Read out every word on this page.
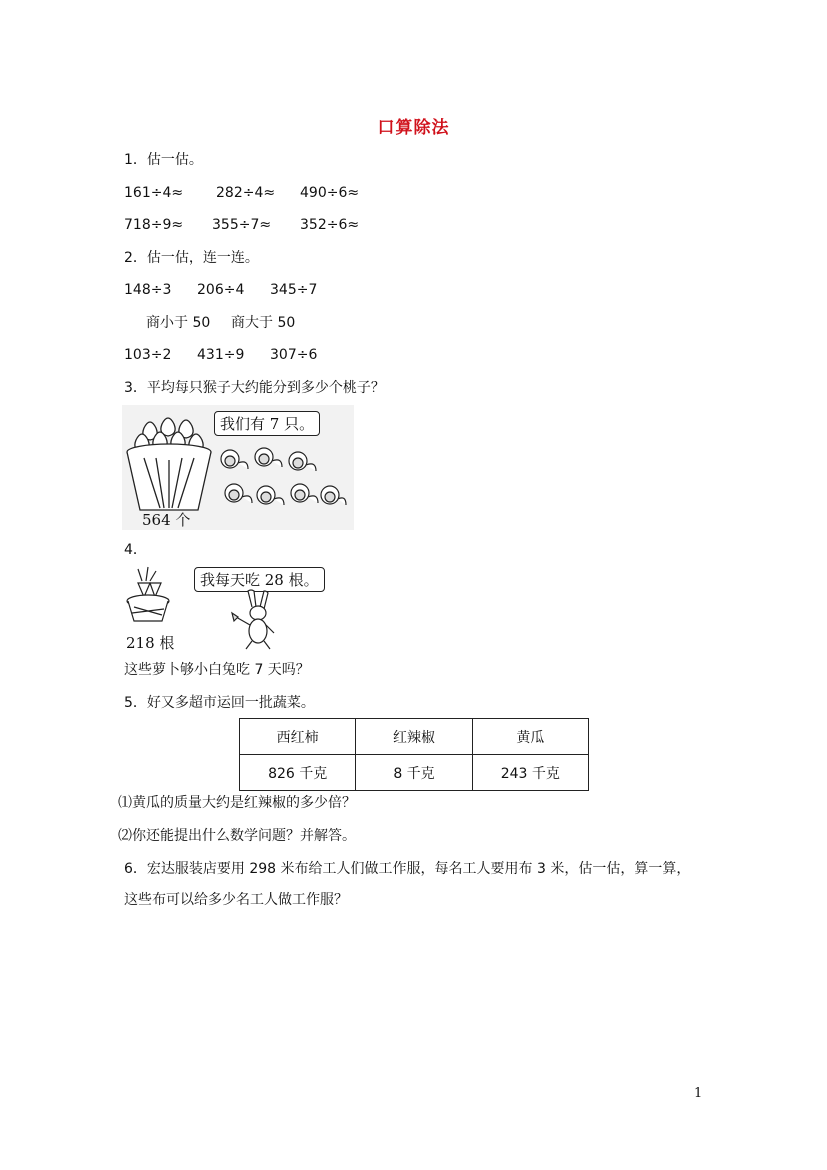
口算除法
1．估一估。
161÷4≈ 282÷4≈ 490÷6≈
718÷9≈ 355÷7≈ 352÷6≈
2．估一估，连一连。
148÷3 206÷4 345÷7
商小于 50 商大于 50
103÷2 431÷9 307÷6
3．平均每只猴子大约能分到多少个桃子？
564 个
我们有 7 只。
4．
218 根
我每天吃 28 根。
这些萝卜够小白兔吃 7 天吗？
5．好又多超市运回一批蔬菜。
西红柿	红辣椒	黄瓜
826 千克	8 千克	243 千克
⑴黄瓜的质量大约是红辣椒的多少倍？
⑵你还能提出什么数学问题？并解答。
6．宏达服装店要用 298 米布给工人们做工作服，每名工人要用布 3 米，估一估，算一算，
这些布可以给多少名工人做工作服？
1
